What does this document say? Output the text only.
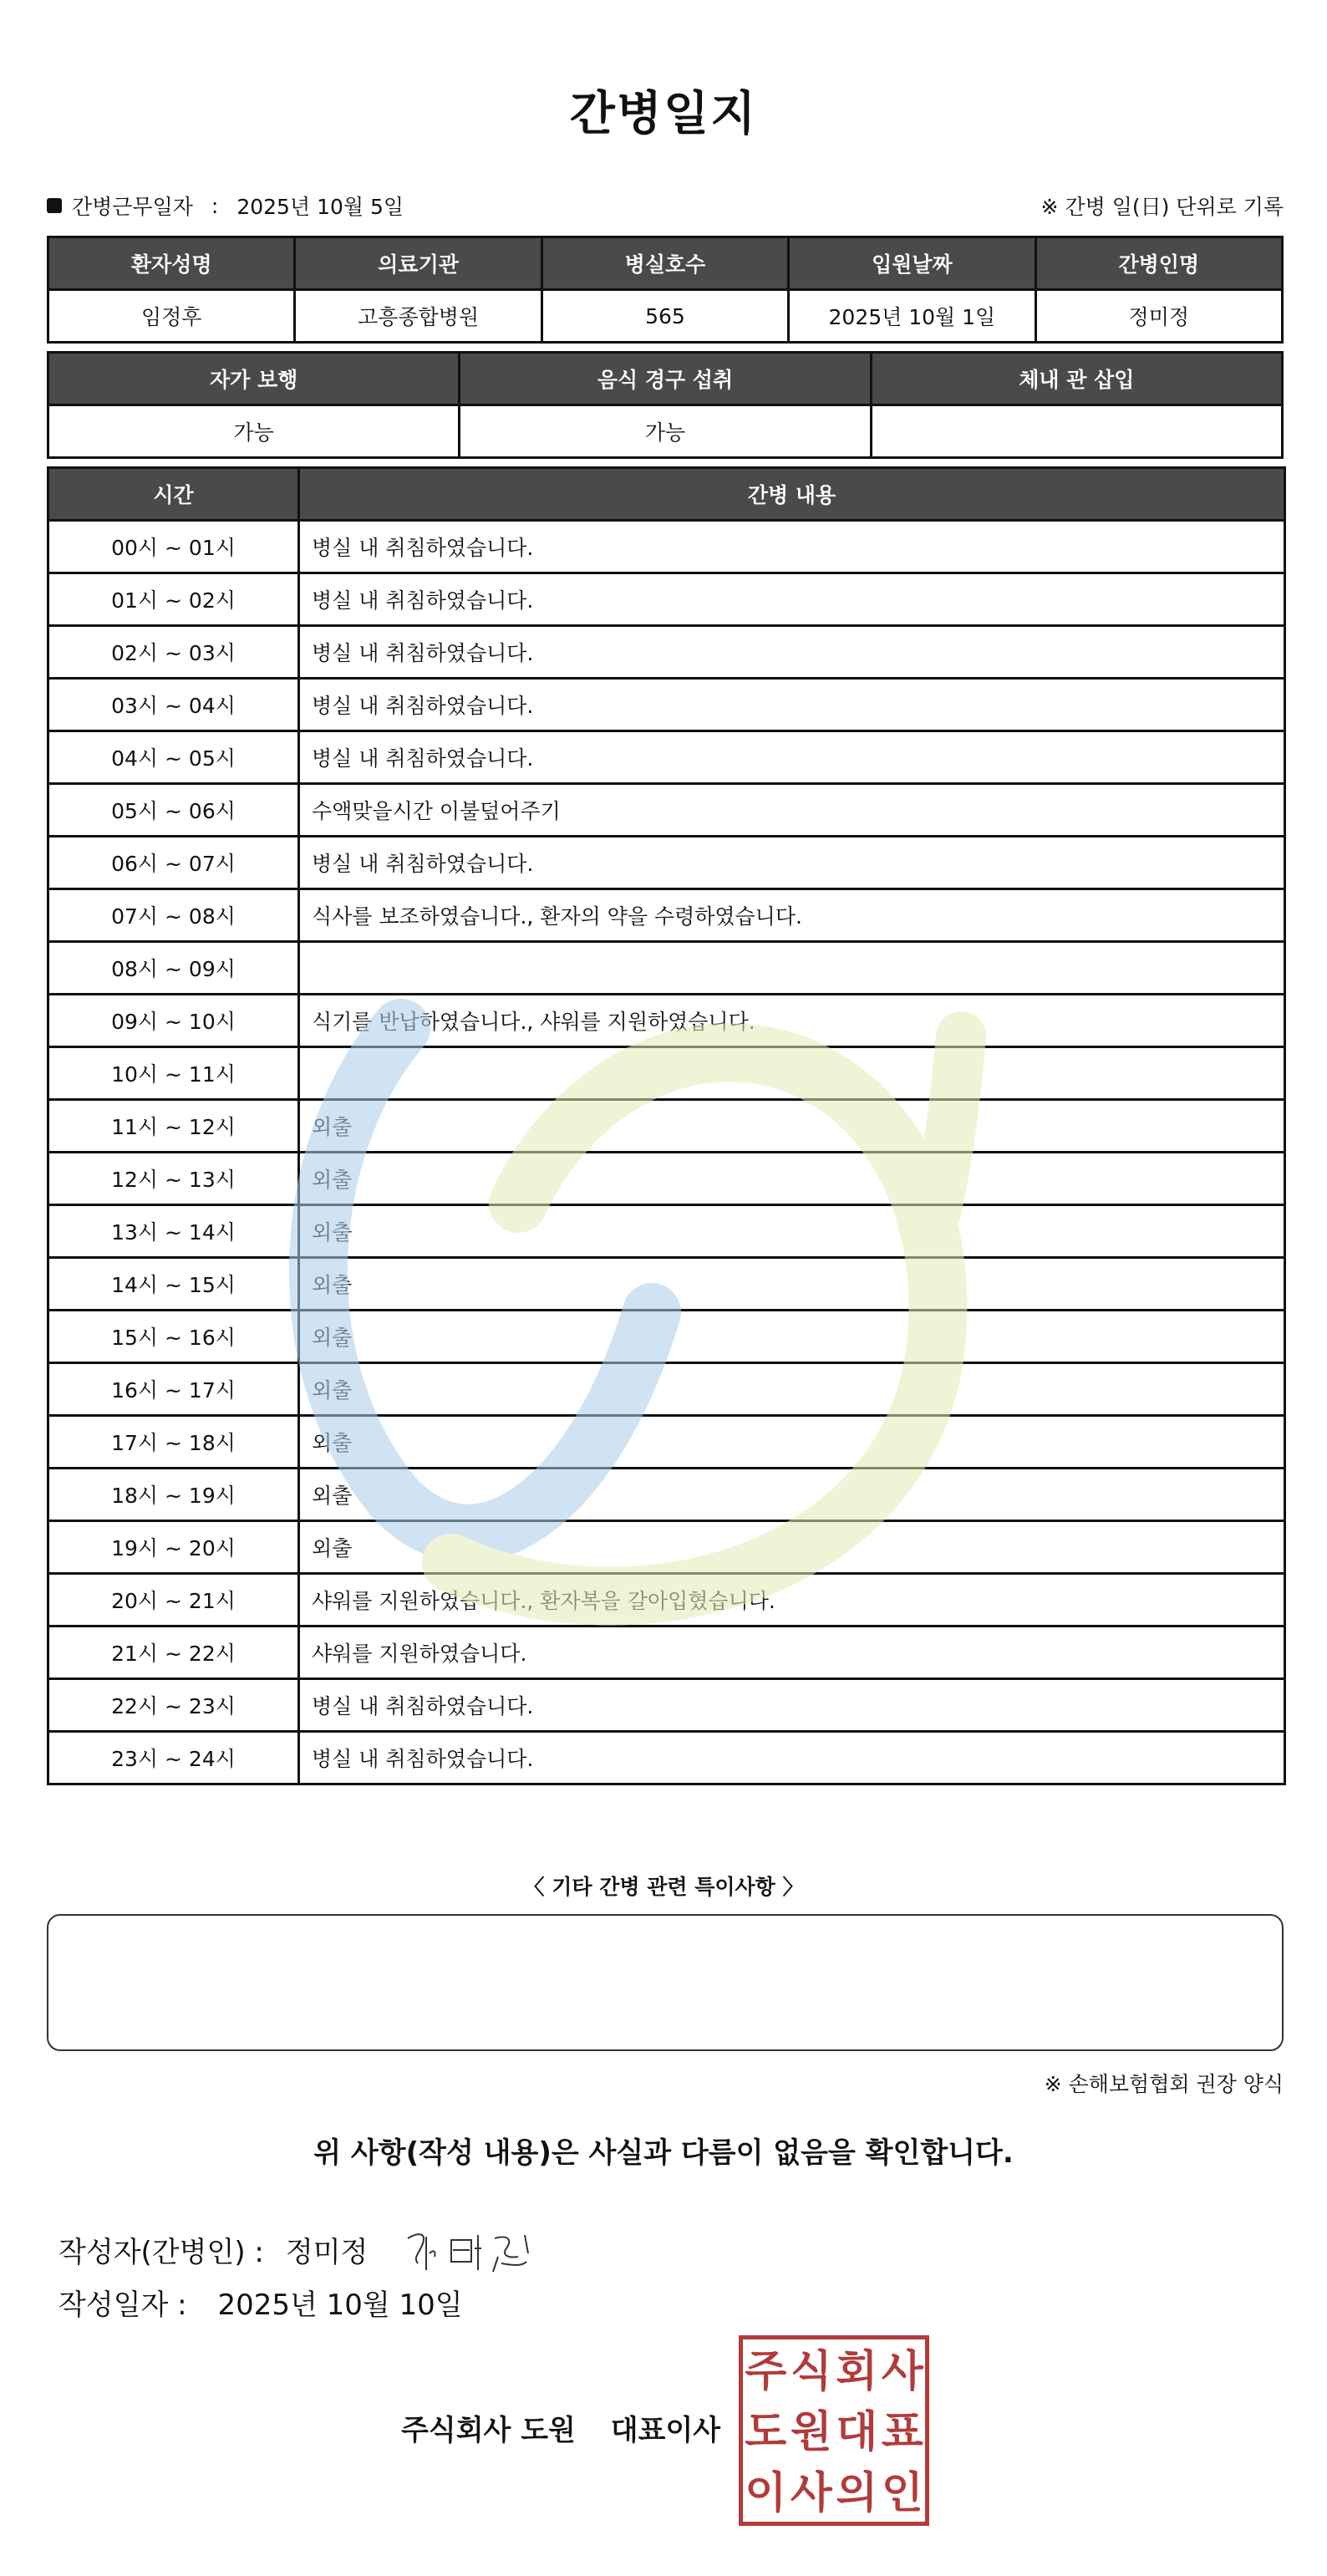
간병일지
간병근무일자 : 2025년 10월 5일	※ 간병 일(日) 단위로 기록
환자성명	의료기관	병실호수	입원날짜	간병인명
임정후	고흥종합병원	565	2025년 10월 1일	정미정
자가 보행	음식 경구 섭취	체내 관 삽입
가능	가능	
시간	간병 내용
00시 ~ 01시	병실 내 취침하였습니다.
01시 ~ 02시	병실 내 취침하였습니다.
02시 ~ 03시	병실 내 취침하였습니다.
03시 ~ 04시	병실 내 취침하였습니다.
04시 ~ 05시	병실 내 취침하였습니다.
05시 ~ 06시	수액맞을시간 이불덮어주기
06시 ~ 07시	병실 내 취침하였습니다.
07시 ~ 08시	식사를 보조하였습니다., 환자의 약을 수령하였습니다.
08시 ~ 09시	
09시 ~ 10시	식기를 반납하였습니다., 샤워를 지원하였습니다.
10시 ~ 11시	
11시 ~ 12시	외출
12시 ~ 13시	외출
13시 ~ 14시	외출
14시 ~ 15시	외출
15시 ~ 16시	외출
16시 ~ 17시	외출
17시 ~ 18시	외출
18시 ~ 19시	외출
19시 ~ 20시	외출
20시 ~ 21시	샤워를 지원하였습니다., 환자복을 갈아입혔습니다.
21시 ~ 22시	샤워를 지원하였습니다.
22시 ~ 23시	병실 내 취침하였습니다.
23시 ~ 24시	병실 내 취침하였습니다.
〈 기타 간병 관련 특이사항 〉
※ 손해보험협회 권장 양식
위 사항(작성 내용)은 사실과 다름이 없음을 확인합니다.
작성자(간병인) : 정미정
작성일자 : 2025년 10월 10일
주식회사 도원 대표이사
주 식 회 사
도 원 대 표
이 사 의 인
